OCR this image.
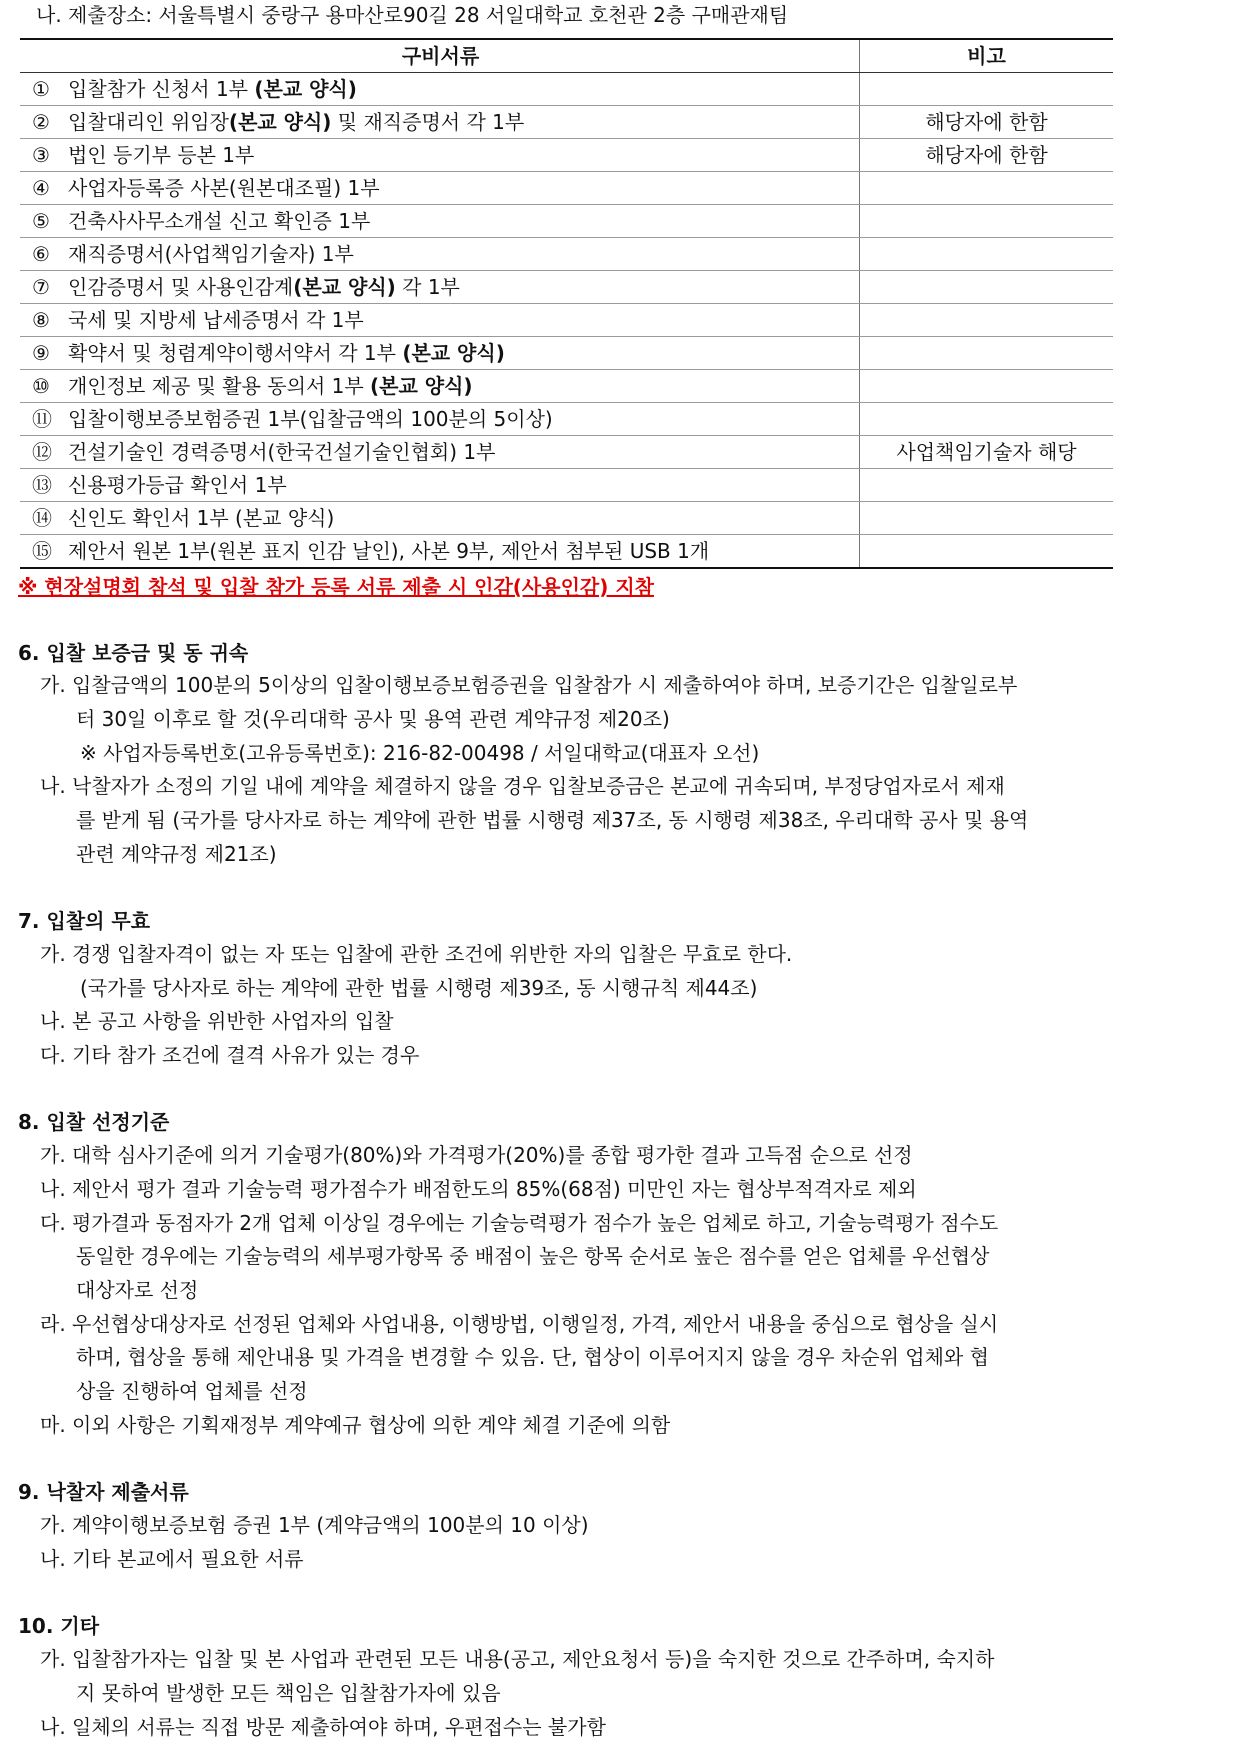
나. 제출장소: 서울특별시 중랑구 용마산로90길 28 서일대학교 호천관 2층 구매관재팀
구비서류	비고
① 입찰참가 신청서 1부 (본교 양식)	
② 입찰대리인 위임장(본교 양식) 및 재직증명서 각 1부	해당자에 한함
③ 법인 등기부 등본 1부	해당자에 한함
④ 사업자등록증 사본(원본대조필) 1부	
⑤ 건축사사무소개설 신고 확인증 1부	
⑥ 재직증명서(사업책임기술자) 1부	
⑦ 인감증명서 및 사용인감계(본교 양식) 각 1부	
⑧ 국세 및 지방세 납세증명서 각 1부	
⑨ 확약서 및 청렴계약이행서약서 각 1부 (본교 양식)	
⑩ 개인정보 제공 및 활용 동의서 1부 (본교 양식)	
⑪ 입찰이행보증보험증권 1부(입찰금액의 100분의 5이상)	
⑫ 건설기술인 경력증명서(한국건설기술인협회) 1부	사업책임기술자 해당
⑬ 신용평가등급 확인서 1부	
⑭ 신인도 확인서 1부 (본교 양식)	
⑮ 제안서 원본 1부(원본 표지 인감 날인), 사본 9부, 제안서 첨부된 USB 1개	
※ 현장설명회 참석 및 입찰 참가 등록 서류 제출 시 인감(사용인감) 지참
6. 입찰 보증금 및 동 귀속
가. 입찰금액의 100분의 5이상의 입찰이행보증보험증권을 입찰참가 시 제출하여야 하며, 보증기간은 입찰일로부
터 30일 이후로 할 것(우리대학 공사 및 용역 관련 계약규정 제20조)
※ 사업자등록번호(고유등록번호): 216-82-00498 / 서일대학교(대표자 오선)
나. 낙찰자가 소정의 기일 내에 계약을 체결하지 않을 경우 입찰보증금은 본교에 귀속되며, 부정당업자로서 제재
를 받게 됨 (국가를 당사자로 하는 계약에 관한 법률 시행령 제37조, 동 시행령 제38조, 우리대학 공사 및 용역
관련 계약규정 제21조)
7. 입찰의 무효
가. 경쟁 입찰자격이 없는 자 또는 입찰에 관한 조건에 위반한 자의 입찰은 무효로 한다.
(국가를 당사자로 하는 계약에 관한 법률 시행령 제39조, 동 시행규칙 제44조)
나. 본 공고 사항을 위반한 사업자의 입찰
다. 기타 참가 조건에 결격 사유가 있는 경우
8. 입찰 선정기준
가. 대학 심사기준에 의거 기술평가(80%)와 가격평가(20%)를 종합 평가한 결과 고득점 순으로 선정
나. 제안서 평가 결과 기술능력 평가점수가 배점한도의 85%(68점) 미만인 자는 협상부적격자로 제외
다. 평가결과 동점자가 2개 업체 이상일 경우에는 기술능력평가 점수가 높은 업체로 하고, 기술능력평가 점수도
동일한 경우에는 기술능력의 세부평가항목 중 배점이 높은 항목 순서로 높은 점수를 얻은 업체를 우선협상
대상자로 선정
라. 우선협상대상자로 선정된 업체와 사업내용, 이행방법, 이행일정, 가격, 제안서 내용을 중심으로 협상을 실시
하며, 협상을 통해 제안내용 및 가격을 변경할 수 있음. 단, 협상이 이루어지지 않을 경우 차순위 업체와 협
상을 진행하여 업체를 선정
마. 이외 사항은 기획재정부 계약예규 협상에 의한 계약 체결 기준에 의함
9. 낙찰자 제출서류
가. 계약이행보증보험 증권 1부 (계약금액의 100분의 10 이상)
나. 기타 본교에서 필요한 서류
10. 기타
가. 입찰참가자는 입찰 및 본 사업과 관련된 모든 내용(공고, 제안요청서 등)을 숙지한 것으로 간주하며, 숙지하
지 못하여 발생한 모든 책임은 입찰참가자에 있음
나. 일체의 서류는 직접 방문 제출하여야 하며, 우편접수는 불가함
